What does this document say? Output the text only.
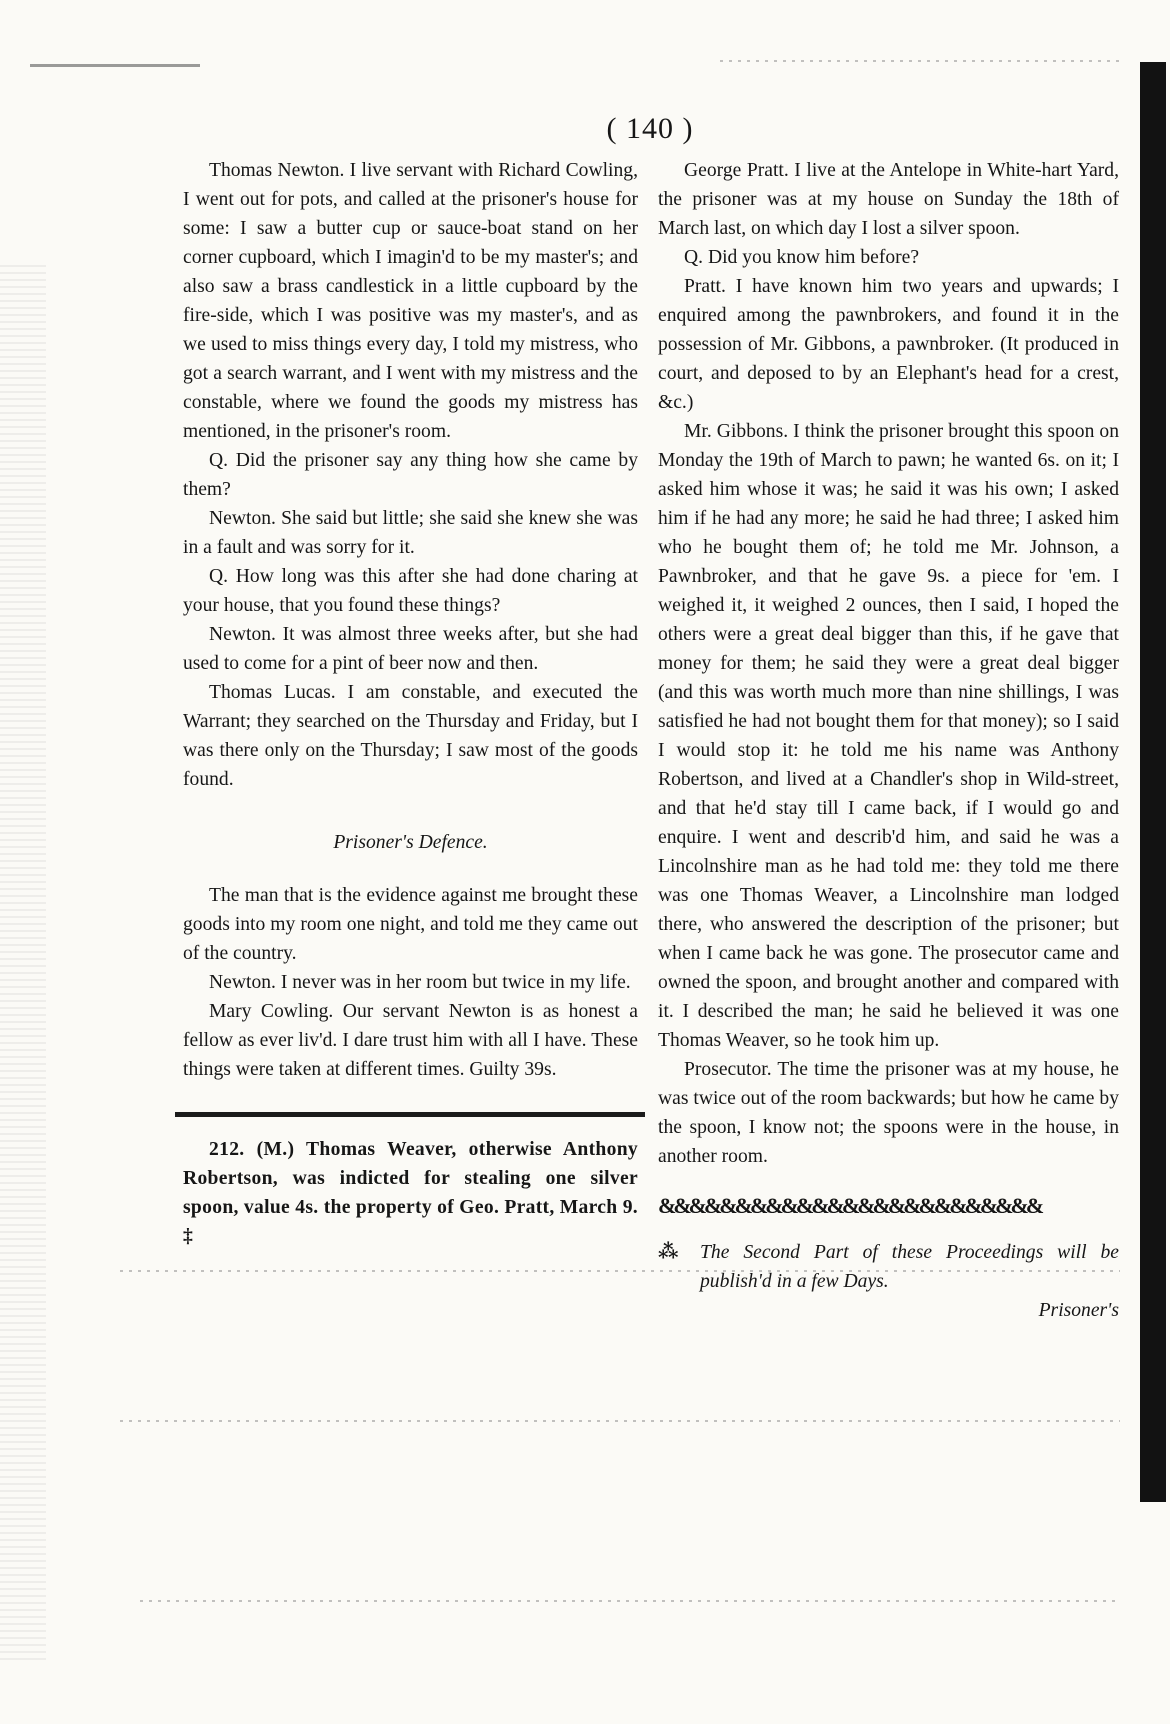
( 140 )

Thomas Newton. I live servant with Richard Cowling, I went out for pots, and called at the prisoner's house for some: I saw a butter cup or sauce-boat stand on her corner cupboard, which I imagin'd to be my master's; and also saw a brass candlestick in a little cupboard by the fire-side, which I was positive was my master's, and as we used to miss things every day, I told my mistress, who got a search warrant, and I went with my mistress and the constable, where we found the goods my mistress has mentioned, in the prisoner's room.

Q. Did the prisoner say any thing how she came by them?

Newton. She said but little; she said she knew she was in a fault and was sorry for it.

Q. How long was this after she had done charing at your house, that you found these things?

Newton. It was almost three weeks after, but she had used to come for a pint of beer now and then.

Thomas Lucas. I am constable, and executed the Warrant; they searched on the Thursday and Friday, but I was there only on the Thursday; I saw most of the goods found.

Prisoner's Defence.

The man that is the evidence against me brought these goods into my room one night, and told me they came out of the country.

Newton. I never was in her room but twice in my life.

Mary Cowling. Our servant Newton is as honest a fellow as ever liv'd. I dare trust him with all I have. These things were taken at different times. Guilty 39s.

212. (M.) Thomas Weaver, otherwise Anthony Robertson, was indicted for stealing one silver spoon, value 4s. the property of Geo. Pratt, March 9. ‡

George Pratt. I live at the Antelope in White-hart Yard, the prisoner was at my house on Sunday the 18th of March last, on which day I lost a silver spoon.

Q. Did you know him before?

Pratt. I have known him two years and upwards; I enquired among the pawnbrokers, and found it in the possession of Mr. Gibbons, a pawnbroker. (It produced in court, and deposed to by an Elephant's head for a crest, &c.)

Mr. Gibbons. I think the prisoner brought this spoon on Monday the 19th of March to pawn; he wanted 6s. on it; I asked him whose it was; he said it was his own; I asked him if he had any more; he said he had three; I asked him who he bought them of; he told me Mr. Johnson, a Pawnbroker, and that he gave 9s. a piece for 'em. I weighed it, it weighed 2 ounces, then I said, I hoped the others were a great deal bigger than this, if he gave that money for them; he said they were a great deal bigger (and this was worth much more than nine shillings, I was satisfied he had not bought them for that money); so I said I would stop it: he told me his name was Anthony Robertson, and lived at a Chandler's shop in Wild-street, and that he'd stay till I came back, if I would go and enquire. I went and describ'd him, and said he was a Lincolnshire man as he had told me: they told me there was one Thomas Weaver, a Lincolnshire man lodged there, who answered the description of the prisoner; but when I came back he was gone. The prosecutor came and owned the spoon, and brought another and compared with it. I described the man; he said he believed it was one Thomas Weaver, so he took him up.

Prosecutor. The time the prisoner was at my house, he was twice out of the room backwards; but how he came by the spoon, I know not; the spoons were in the house, in another room.

&&&&&&&&&&&&&&&&&&&&&&&&&
⁂	The Second Part of these Proceedings will be publish'd in a few Days.

Prisoner's
